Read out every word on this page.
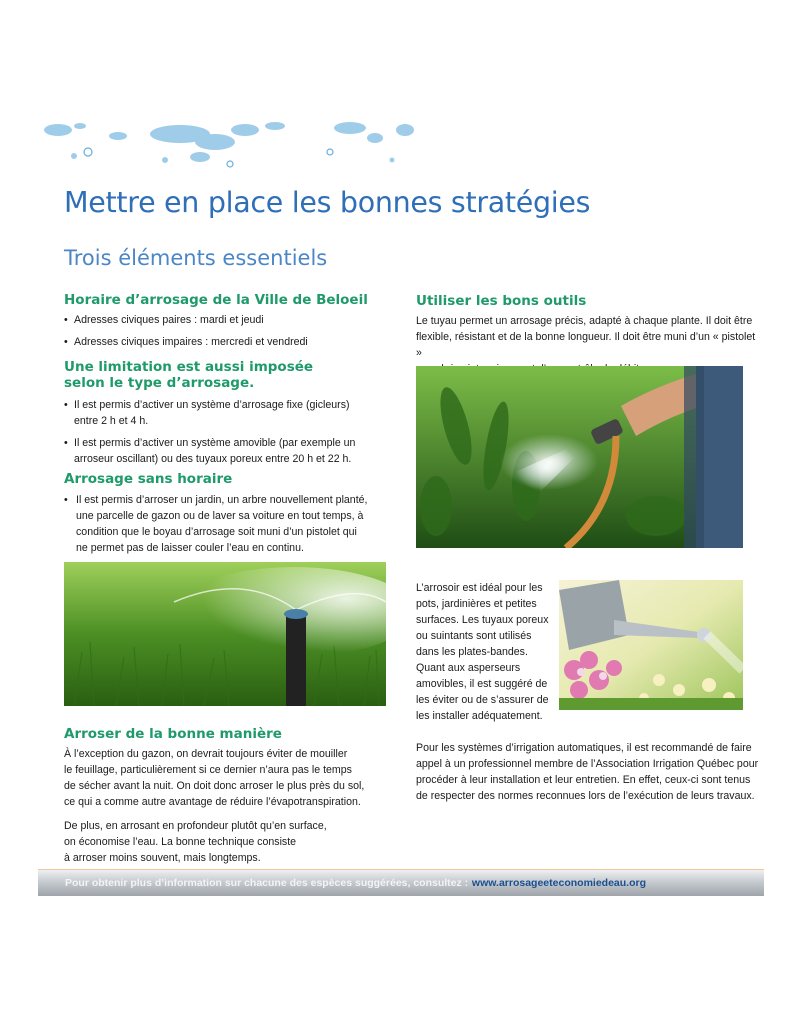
Mettre en place les bonnes stratégies
Trois éléments essentiels
Horaire d’arrosage de la Ville de Beloeil
• Adresses civiques paires : mardi et jeudi
• Adresses civiques impaires : mercredi et vendredi
Une limitation est aussi imposée
selon le type d’arrosage.
• Il est permis d’activer un système d’arrosage fixe (gicleurs)
entre 2 h et 4 h.
• Il est permis d’activer un système amovible (par exemple un
arroseur oscillant) ou des tuyaux poreux entre 20 h et 22 h.
Arrosage sans horaire
• Il est permis d’arroser un jardin, un arbre nouvellement planté,

une parcelle de gazon ou de laver sa voiture en tout temps, à

condition que le boyau d’arrosage soit muni d’un pistolet qui

ne permet pas de laisser couler l’eau en continu.

Arroser de la bonne manière

À l’exception du gazon, on devrait toujours éviter de mouiller

le feuillage, particulièrement si ce dernier n’aura pas le temps

de sécher avant la nuit. On doit donc arroser le plus près du sol,

ce qui a comme autre avantage de réduire l’évapotranspiration.

De plus, en arrosant en profondeur plutôt qu’en surface,

on économise l’eau. La bonne technique consiste

à arroser moins souvent, mais longtemps.

Utiliser les bons outils

Le tuyau permet un arrosage précis, adapté à chaque plante. Il doit être

flexible, résistant et de la bonne longueur. Il doit être muni d’un « pistolet »

L’arrosoir est idéal pour les

pots, jardinières et petites

surfaces. Les tuyaux poreux

ou suintants sont utilisés

dans les plates-bandes.

Quant aux asperseurs

amovibles, il est suggéré de

les éviter ou de s’assurer de

les installer adéquatement.

Pour les systèmes d’irrigation automatiques, il est recommandé de faire

appel à un professionnel membre de l’Association Irrigation Québec pour

procéder à leur installation et leur entretien. En effet, ceux-ci sont tenus

de respecter des normes reconnues lors de l’exécution de leurs travaux.

Pour obtenir plus d’information sur chacune des espèces suggérées, consultez : www.arrosageeteconomiedeau.org
